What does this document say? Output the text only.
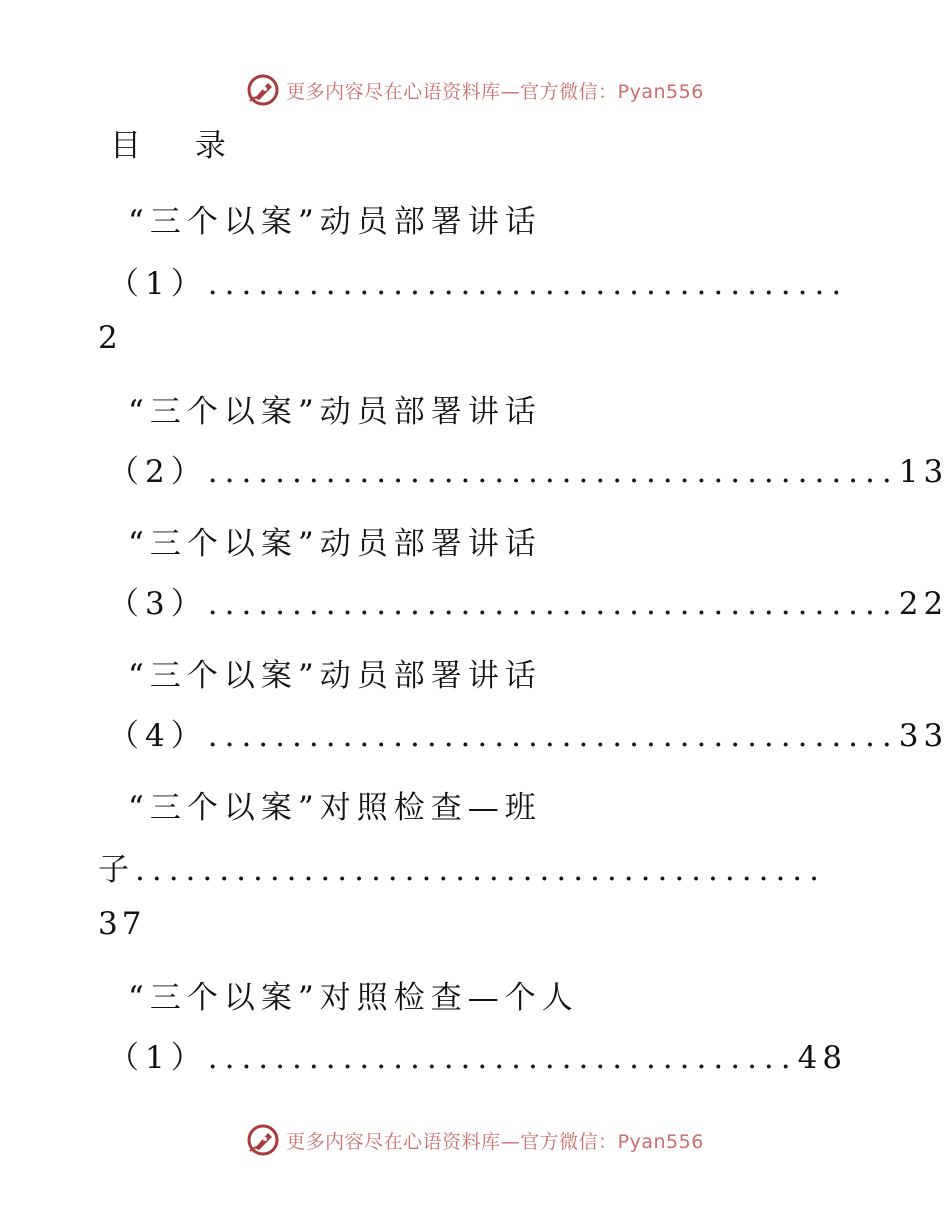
更多内容尽在心语资料库—官方微信：Pyan556
目 录

“三个以案”动员部署讲话

（1） ......................................

2

“三个以案”动员部署讲话

（2） ......................................... 13

“三个以案”动员部署讲话

（3） ......................................... 22

“三个以案”动员部署讲话

（4） ......................................... 33

“三个以案”对照检查—班

子 .........................................

37

“三个以案”对照检查—个人

（1） ................................... 48
更多内容尽在心语资料库—官方微信：Pyan556
